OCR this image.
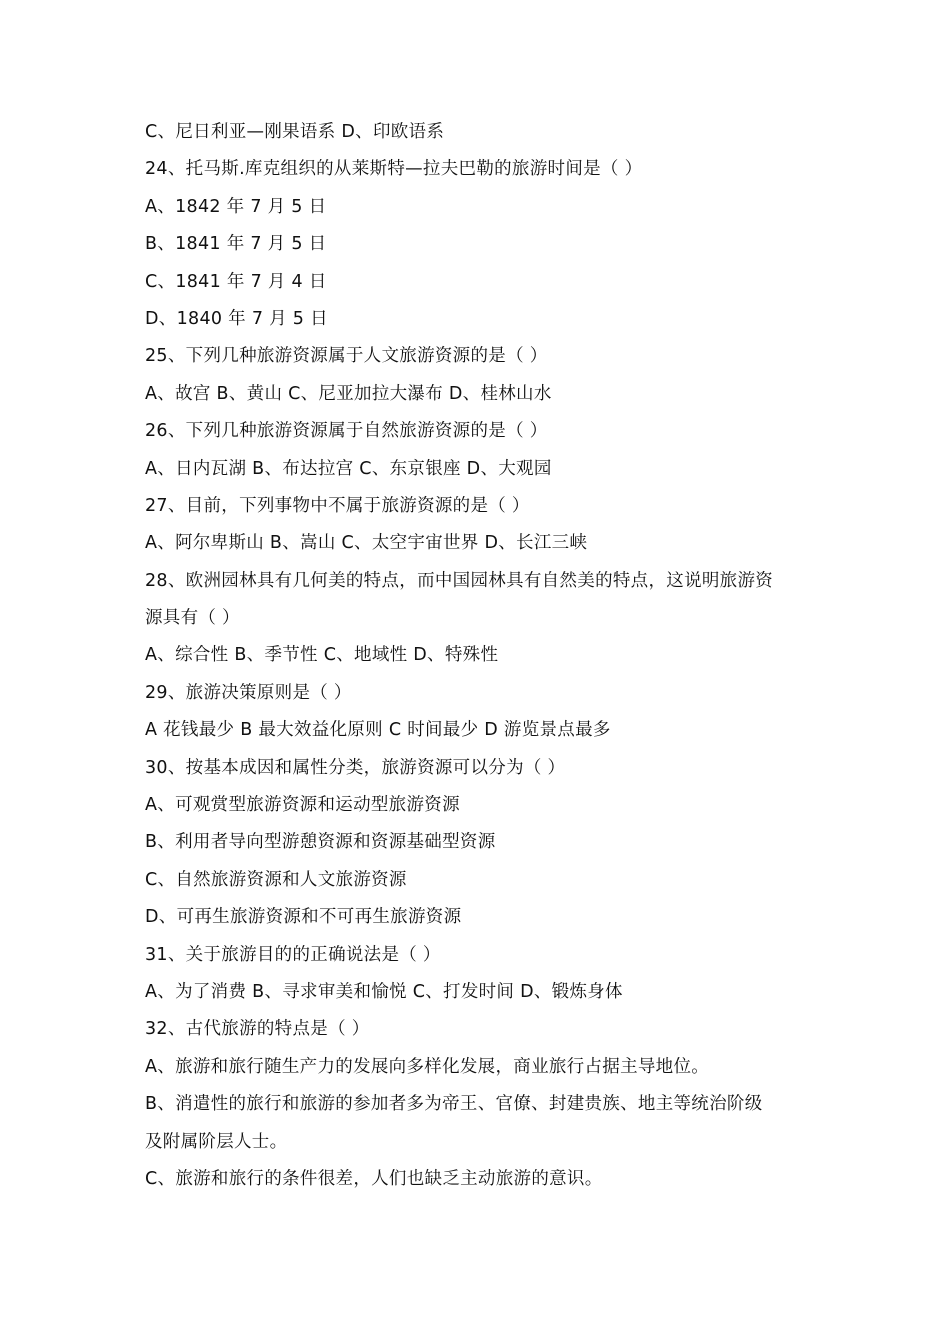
C、尼日利亚—刚果语系 D、印欧语系
24、托马斯.库克组织的从莱斯特—拉夫巴勒的旅游时间是（ ）
A、1842 年 7 月 5 日
B、1841 年 7 月 5 日
C、1841 年 7 月 4 日
D、1840 年 7 月 5 日
25、下列几种旅游资源属于人文旅游资源的是（ ）
A、故宫 B、黄山 C、尼亚加拉大瀑布 D、桂林山水
26、下列几种旅游资源属于自然旅游资源的是（ ）
A、日内瓦湖 B、布达拉宫 C、东京银座 D、大观园
27、目前，下列事物中不属于旅游资源的是（ ）
A、阿尔卑斯山 B、嵩山 C、太空宇宙世界 D、长江三峡
28、欧洲园林具有几何美的特点，而中国园林具有自然美的特点，这说明旅游资
源具有（ ）
A、综合性 B、季节性 C、地域性 D、特殊性
29、旅游决策原则是（ ）
A 花钱最少 B 最大效益化原则 C 时间最少 D 游览景点最多
30、按基本成因和属性分类，旅游资源可以分为（ ）
A、可观赏型旅游资源和运动型旅游资源
B、利用者导向型游憩资源和资源基础型资源
C、自然旅游资源和人文旅游资源
D、可再生旅游资源和不可再生旅游资源
31、关于旅游目的的正确说法是（ ）
A、为了消费 B、寻求审美和愉悦 C、打发时间 D、锻炼身体
32、古代旅游的特点是（ ）
A、旅游和旅行随生产力的发展向多样化发展，商业旅行占据主导地位。
B、消遣性的旅行和旅游的参加者多为帝王、官僚、封建贵族、地主等统治阶级
及附属阶层人士。
C、旅游和旅行的条件很差，人们也缺乏主动旅游的意识。
